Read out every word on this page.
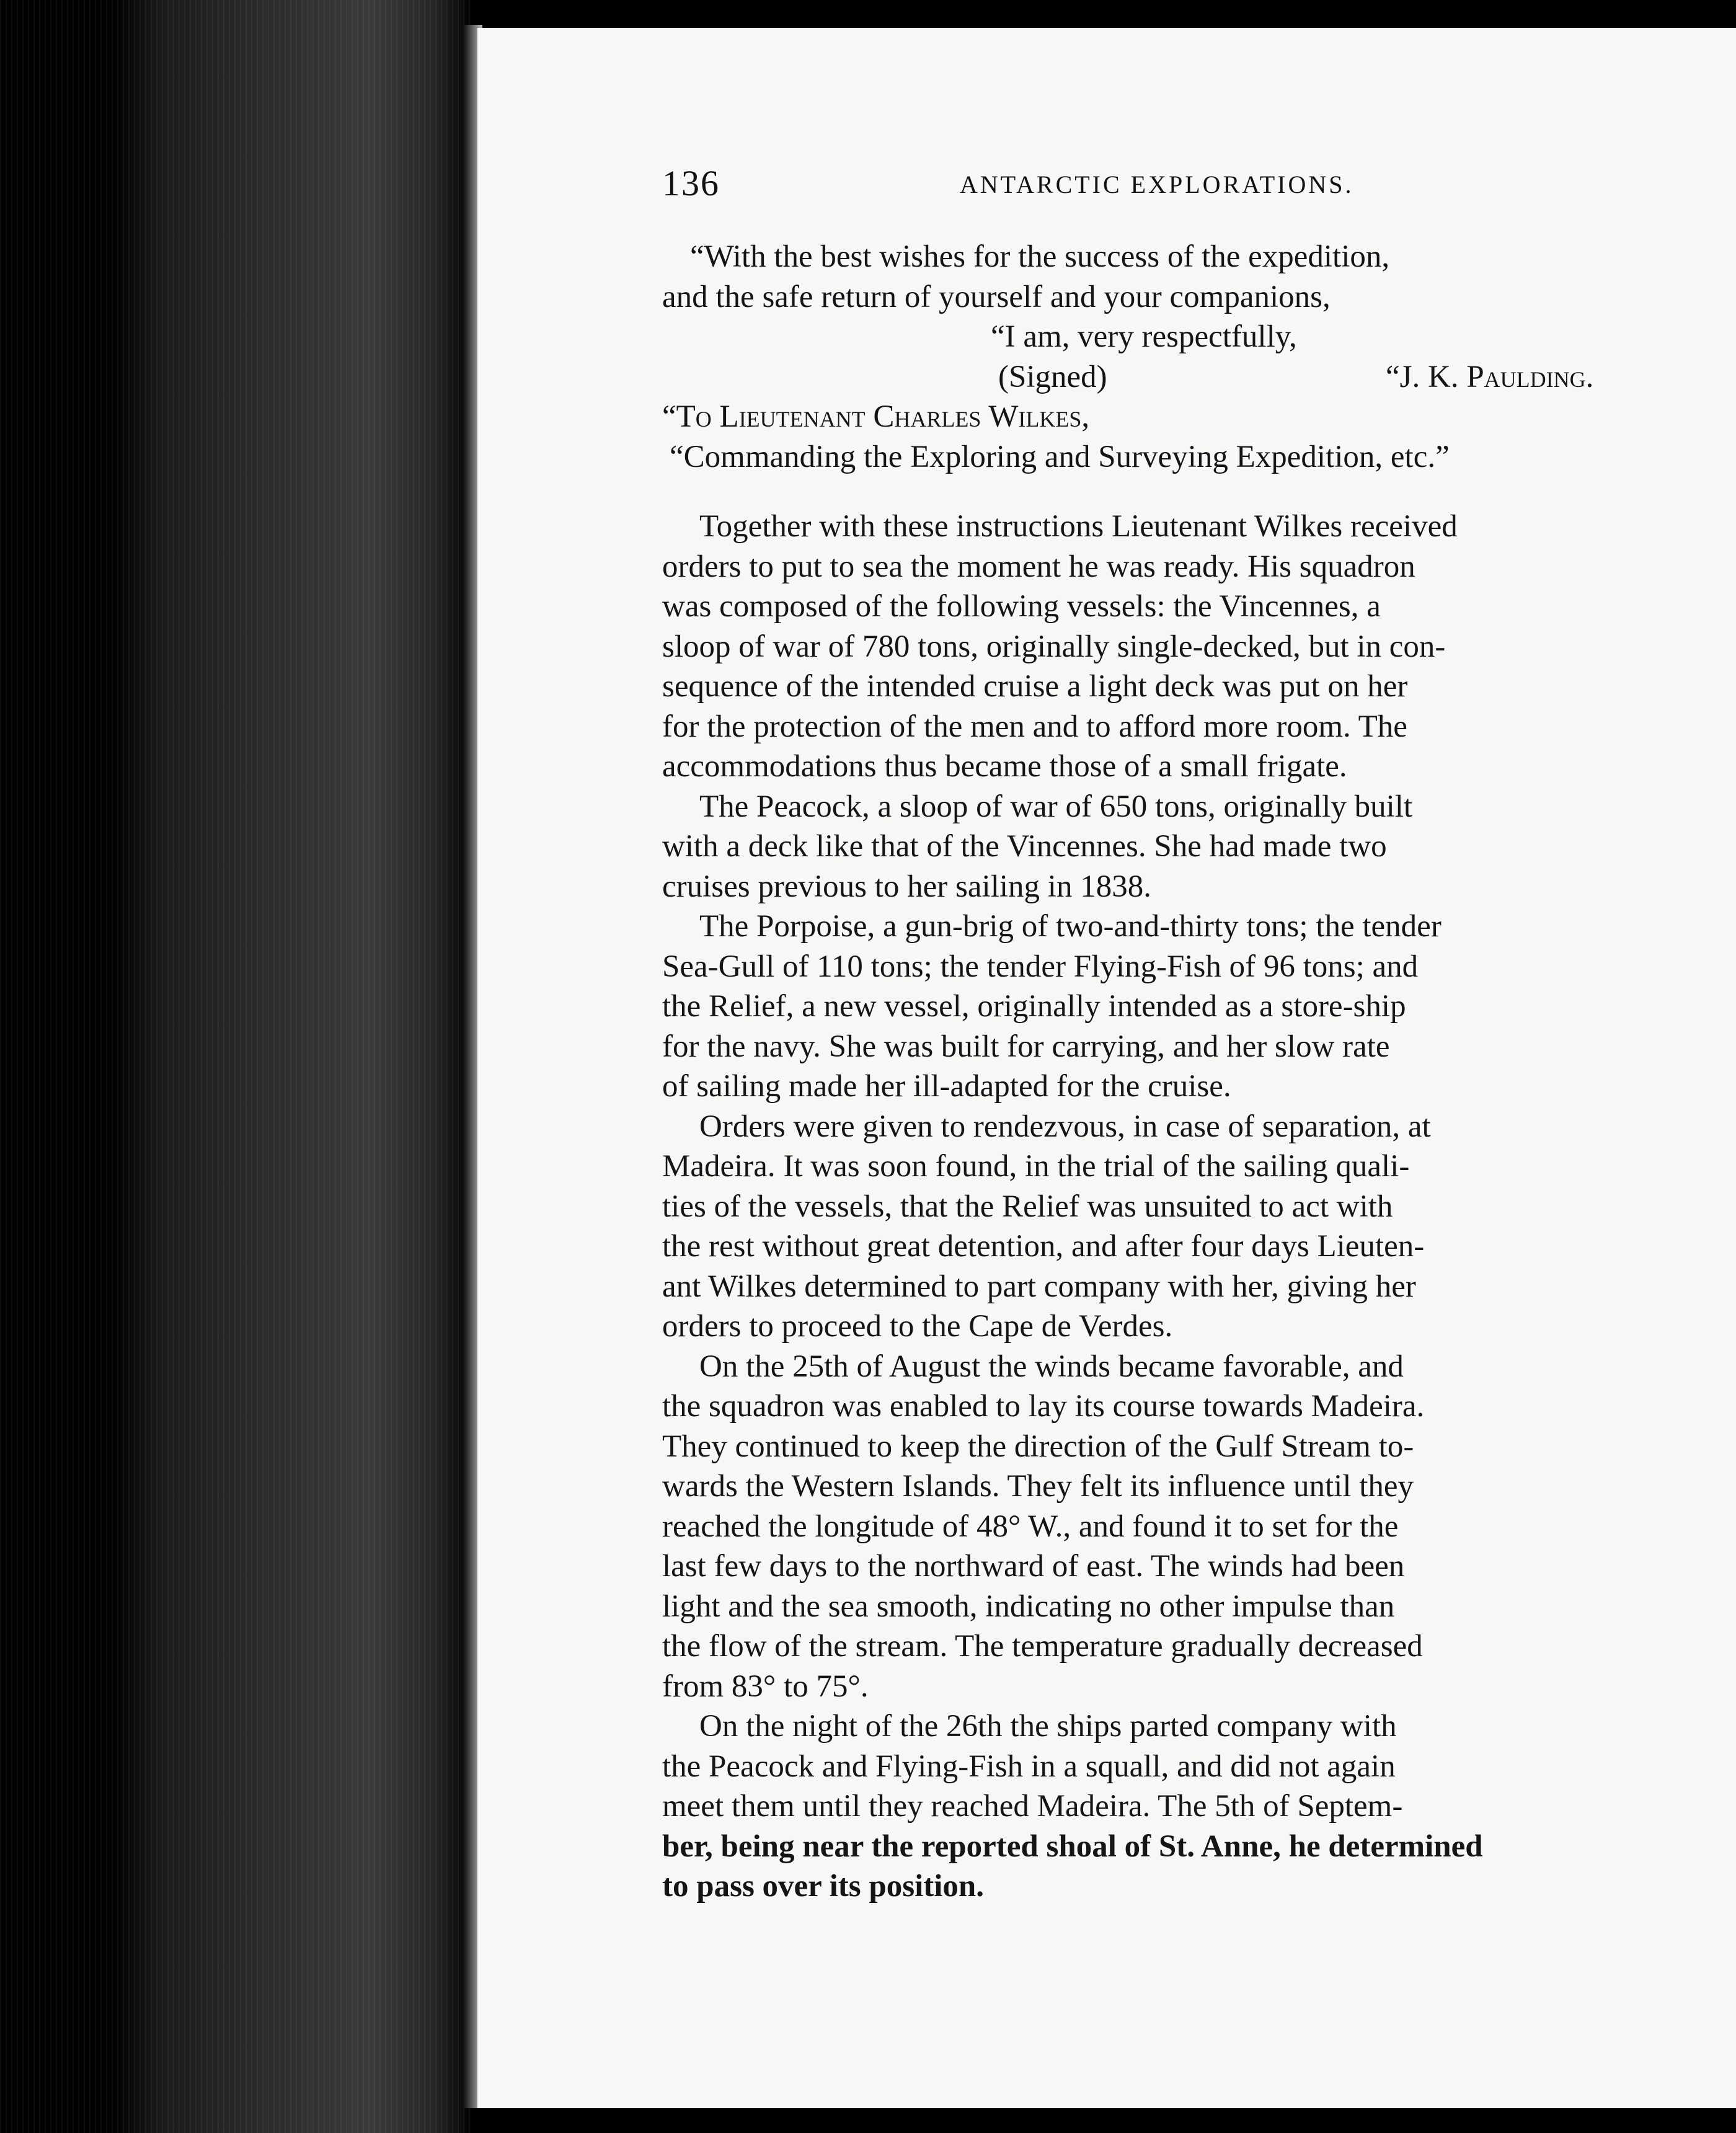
136	ANTARCTIC EXPLORATIONS.
“With the best wishes for the success of the expedition,
and the safe return of yourself and your companions,
“I am, very respectfully,
(Signed)	“J. K. Paulding.
“To Lieutenant Charles Wilkes,
“Commanding the Exploring and Surveying Expedition, etc.”
Together with these instructions Lieutenant Wilkes received
orders to put to sea the moment he was ready. His squadron
was composed of the following vessels: the Vincennes, a
sloop of war of 780 tons, originally single-decked, but in con-
sequence of the intended cruise a light deck was put on her
for the protection of the men and to afford more room. The
accommodations thus became those of a small frigate.
The Peacock, a sloop of war of 650 tons, originally built
with a deck like that of the Vincennes. She had made two
cruises previous to her sailing in 1838.
The Porpoise, a gun-brig of two-and-thirty tons; the tender
Sea-Gull of 110 tons; the tender Flying-Fish of 96 tons; and
the Relief, a new vessel, originally intended as a store-ship
for the navy. She was built for carrying, and her slow rate
of sailing made her ill-adapted for the cruise.
Orders were given to rendezvous, in case of separation, at
Madeira. It was soon found, in the trial of the sailing quali-
ties of the vessels, that the Relief was unsuited to act with
the rest without great detention, and after four days Lieuten-
ant Wilkes determined to part company with her, giving her
orders to proceed to the Cape de Verdes.
On the 25th of August the winds became favorable, and
the squadron was enabled to lay its course towards Madeira.
They continued to keep the direction of the Gulf Stream to-
wards the Western Islands. They felt its influence until they
reached the longitude of 48° W., and found it to set for the
last few days to the northward of east. The winds had been
light and the sea smooth, indicating no other impulse than
the flow of the stream. The temperature gradually decreased
from 83° to 75°.
On the night of the 26th the ships parted company with
the Peacock and Flying-Fish in a squall, and did not again
meet them until they reached Madeira. The 5th of Septem-
ber, being near the reported shoal of St. Anne, he determined
to pass over its position.
